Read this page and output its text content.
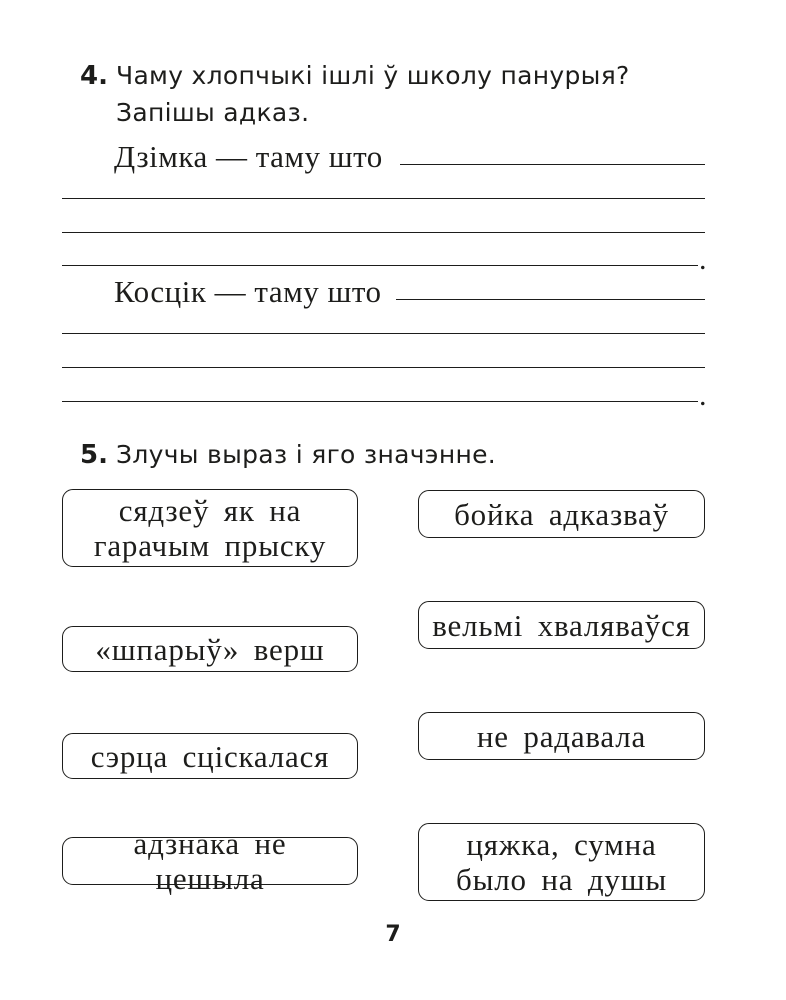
4. Чаму хлопчыкі ішлі ў школу панурыя? Запішы адказ.
Дзімка — таму што
.
Косцік — таму што
.
5. Злучы выраз і яго значэнне.
сядзеў як на
гарачым прыску
«шпарыў» верш
сэрца сціскалася
адзнака не цешыла
бойка адказваў
вельмі хваляваўся
не радавала
цяжка, сумна
было на душы
7
